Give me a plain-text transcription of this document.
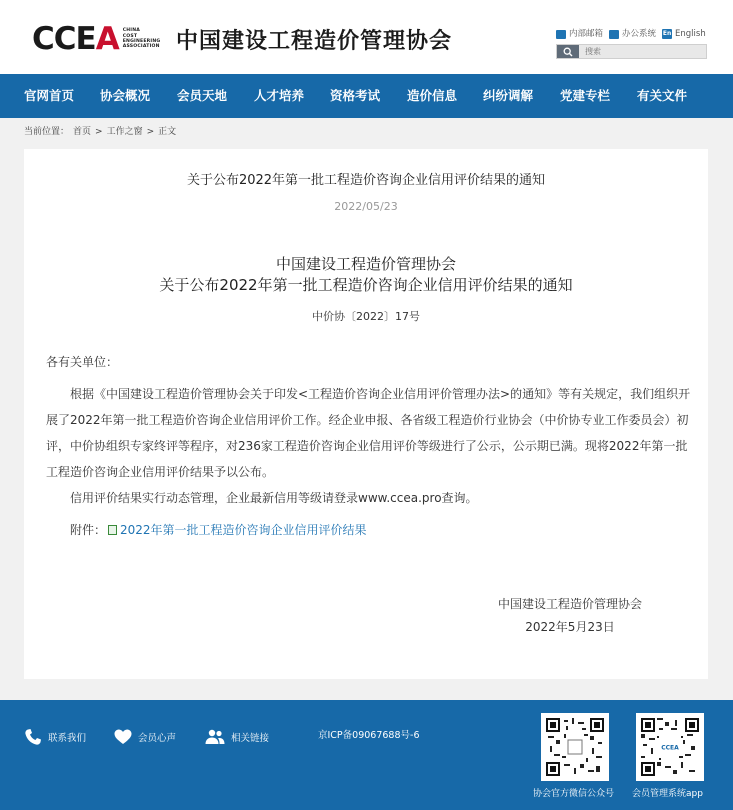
CCEA CHINA
COST
ENGINEERING
ASSOCIATION 中国建设工程造价管理协会	内部邮箱 办公系统 En English
搜索
官网首页 协会概况 会员天地 人才培养 资格考试 造价信息 纠纷调解 党建专栏 有关文件
当前位置： 首页 > 工作之窗 > 正文
关于公布2022年第一批工程造价咨询企业信用评价结果的通知
2022/05/23
中国建设工程造价管理协会
关于公布2022年第一批工程造价咨询企业信用评价结果的通知
中价协〔2022〕17号
各有关单位：
根据《中国建设工程造价管理协会关于印发<工程造价咨询企业信用评价管理办法>的通知》等有关规定，我们组织开展了2022年第一批工程造价咨询企业信用评价工作。经企业申报、各省级工程造价行业协会（中价协专业工作委员会）初评，中价协组织专家终评等程序，对236家工程造价咨询企业信用评价等级进行了公示，公示期已满。现将2022年第一批工程造价咨询企业信用评价结果予以公布。
信用评价结果实行动态管理，企业最新信用等级请登录www.ccea.pro查询。
附件： 2022年第一批工程造价咨询企业信用评价结果
中国建设工程造价管理协会
2022年5月23日
联系我们	会员心声	相关链接	京ICP备09067688号-6
协会官方微信公众号
CCEA
会员管理系统app
